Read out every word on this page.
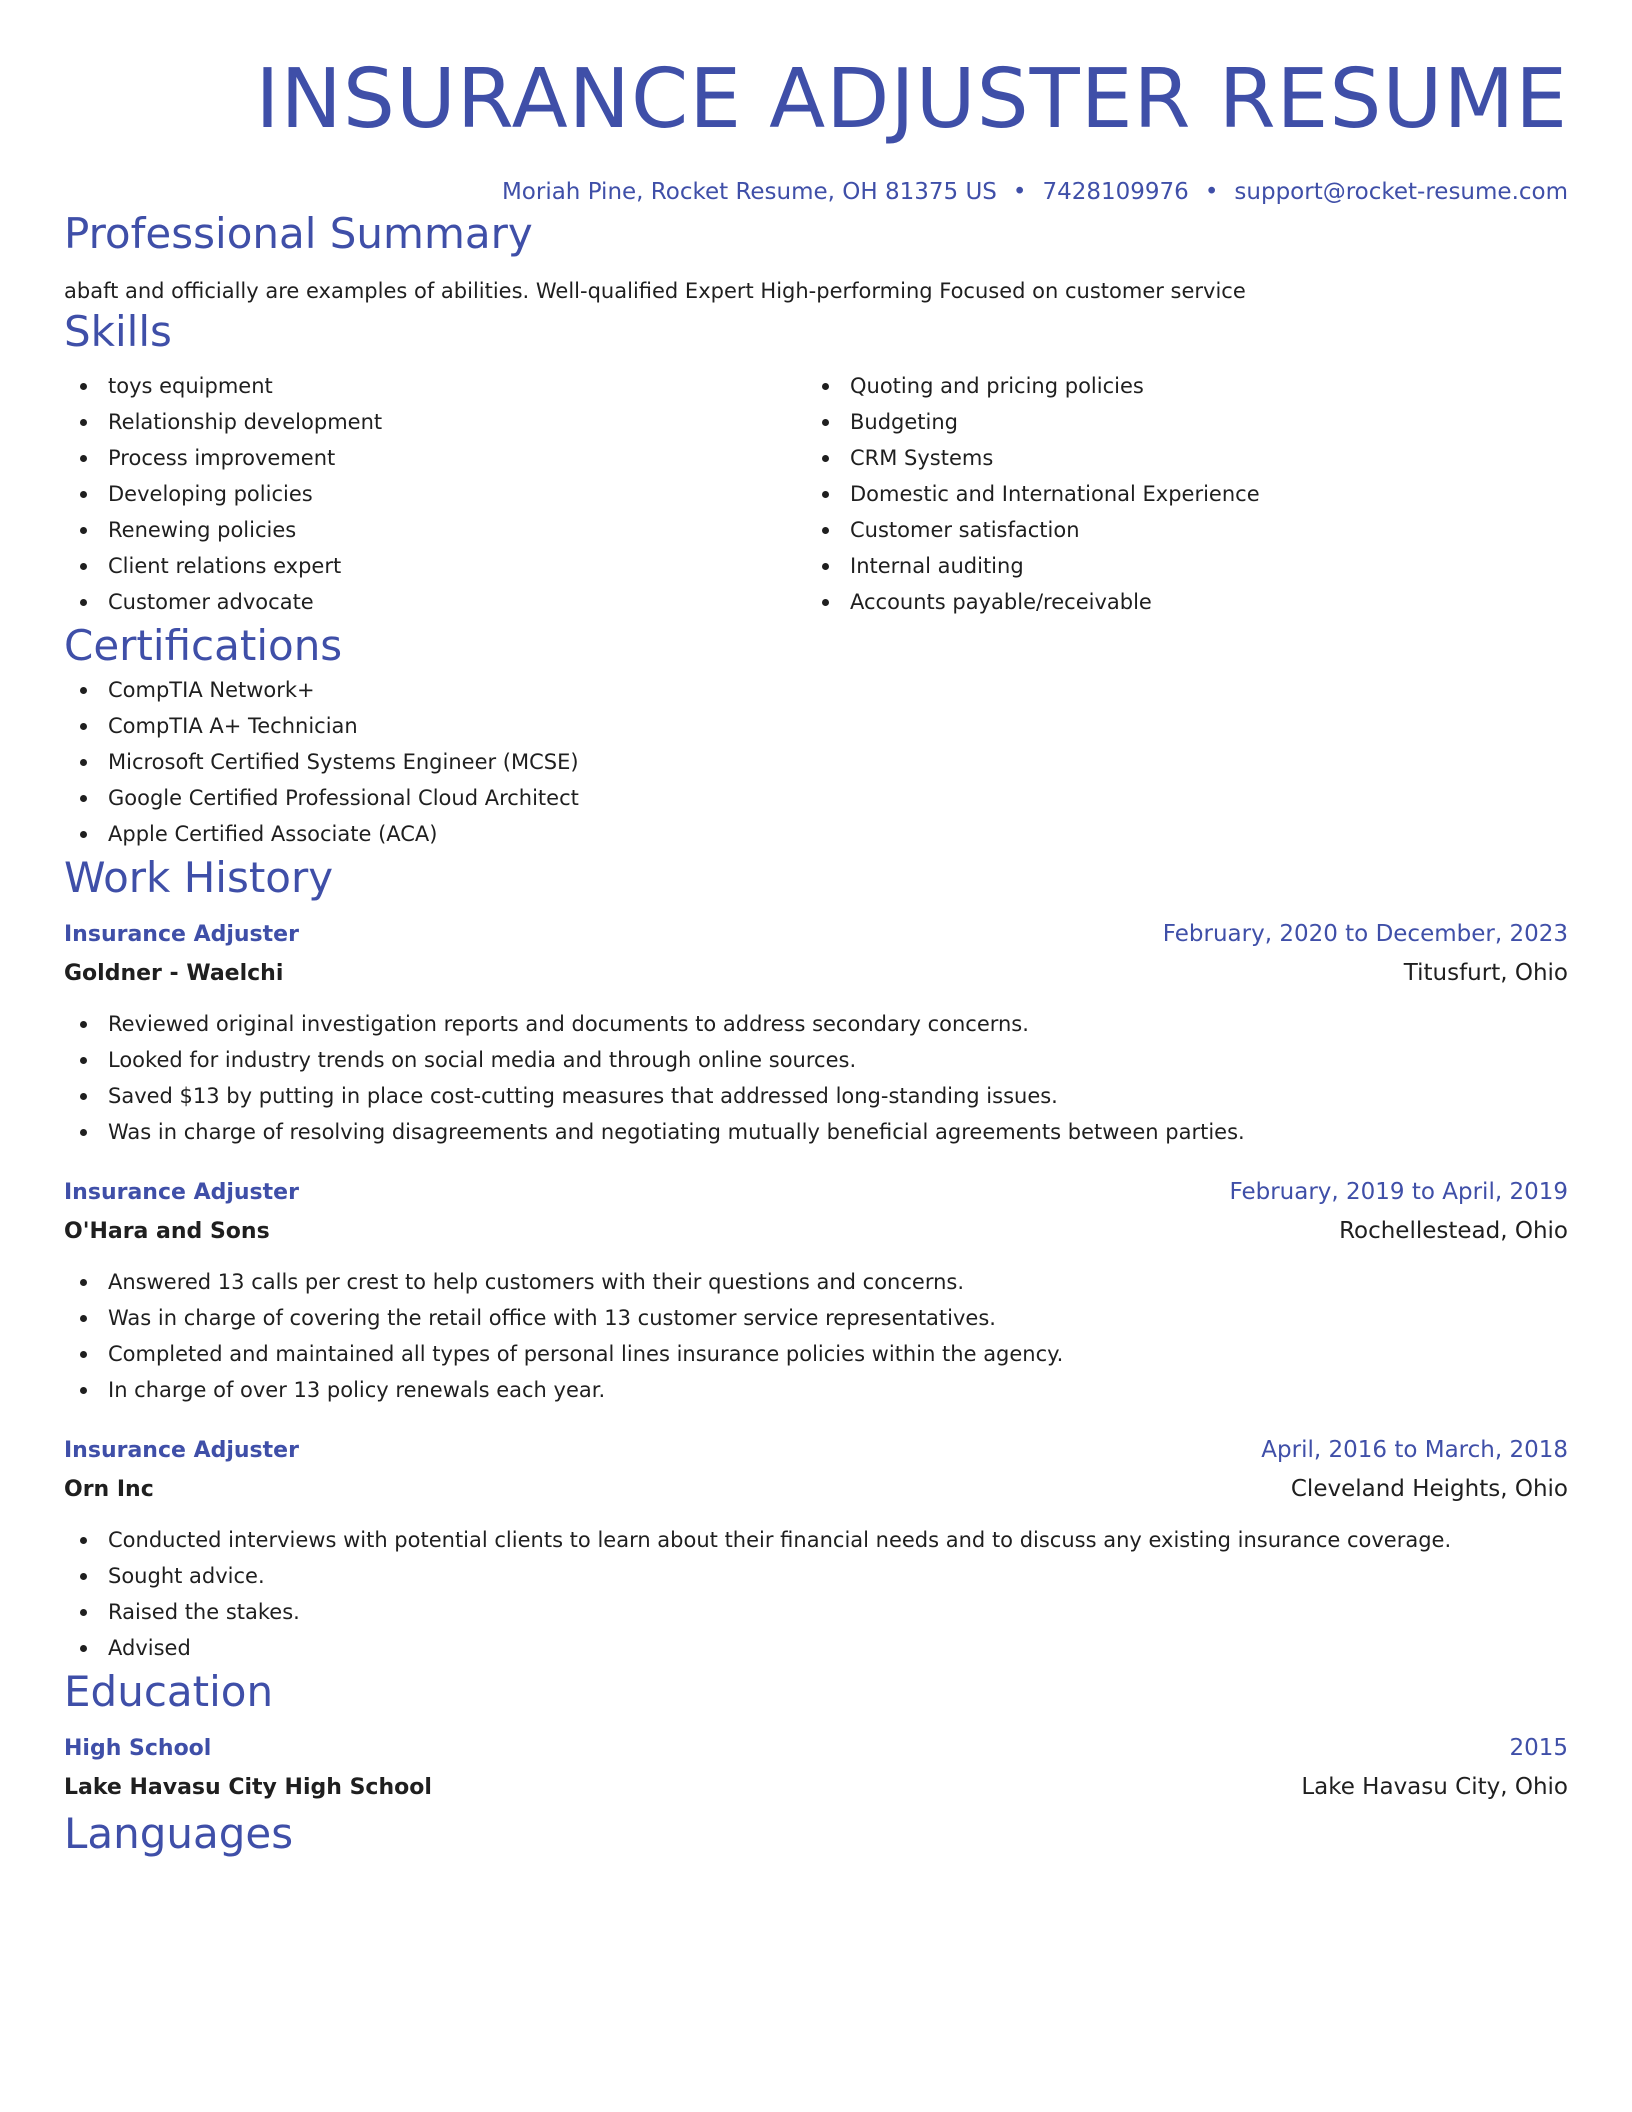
INSURANCE ADJUSTER RESUME
Moriah Pine, Rocket Resume, OH 81375 US • 7428109976 • support@rocket-resume.com
Professional Summary
abaft and officially are examples of abilities. Well-qualified Expert High-performing Focused on customer service
Skills
toys equipment
Relationship development
Process improvement
Developing policies
Renewing policies
Client relations expert
Customer advocate
Quoting and pricing policies
Budgeting
CRM Systems
Domestic and International Experience
Customer satisfaction
Internal auditing
Accounts payable/receivable
Certifications
CompTIA Network+
CompTIA A+ Technician
Microsoft Certified Systems Engineer (MCSE)
Google Certified Professional Cloud Architect
Apple Certified Associate (ACA)
Work History
Insurance Adjuster	February, 2020 to December, 2023
Goldner - Waelchi	Titusfurt, Ohio
Reviewed original investigation reports and documents to address secondary concerns.
Looked for industry trends on social media and through online sources.
Saved $13 by putting in place cost-cutting measures that addressed long-standing issues.
Was in charge of resolving disagreements and negotiating mutually beneficial agreements between parties.
Insurance Adjuster	February, 2019 to April, 2019
O'Hara and Sons	Rochellestead, Ohio
Answered 13 calls per crest to help customers with their questions and concerns.
Was in charge of covering the retail office with 13 customer service representatives.
Completed and maintained all types of personal lines insurance policies within the agency.
In charge of over 13 policy renewals each year.
Insurance Adjuster	April, 2016 to March, 2018
Orn Inc	Cleveland Heights, Ohio
Conducted interviews with potential clients to learn about their financial needs and to discuss any existing insurance coverage.
Sought advice.
Raised the stakes.
Advised
Education
High School	2015
Lake Havasu City High School	Lake Havasu City, Ohio
Languages
